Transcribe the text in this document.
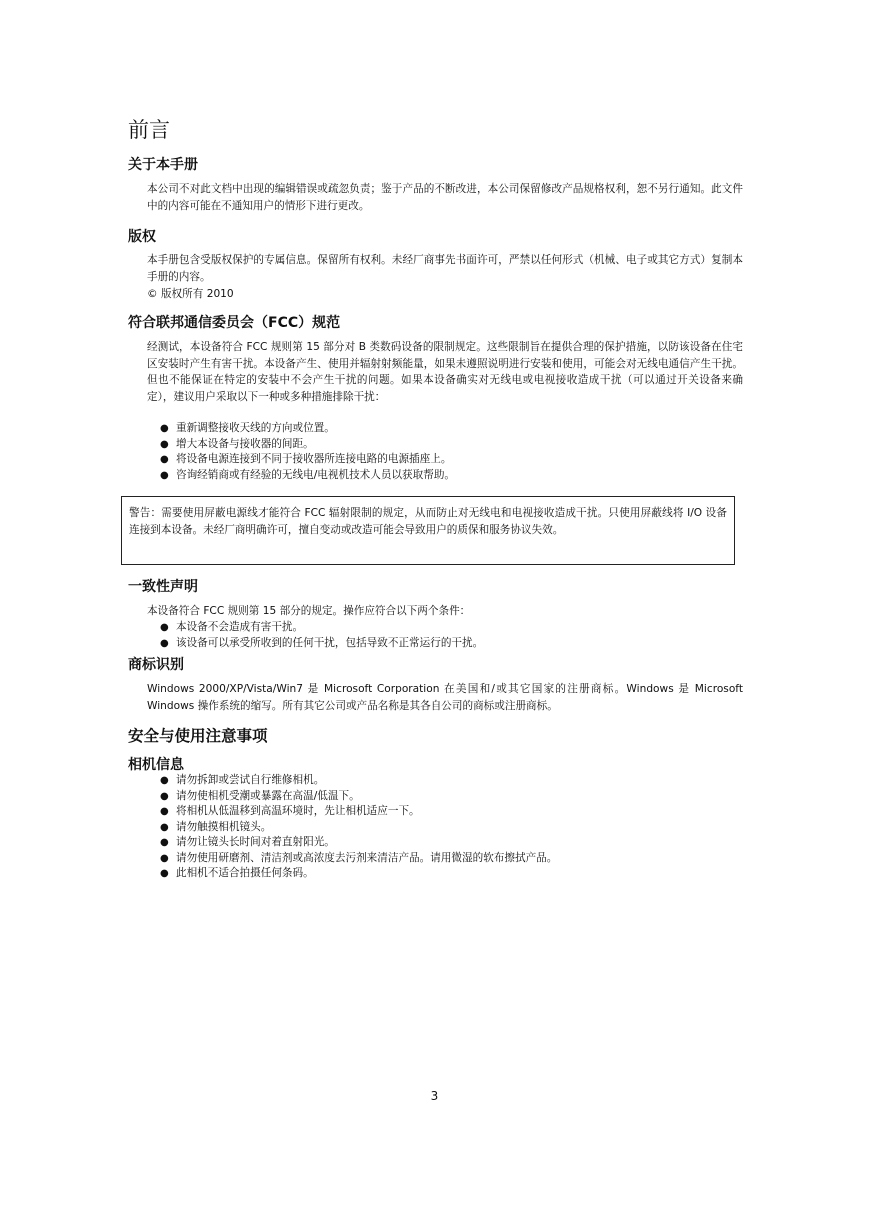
前言
关于本手册

本公司不对此文档中出现的编辑错误或疏忽负责；鉴于产品的不断改进，本公司保留修改产品规格权利，恕不另行通知。此文件中的内容可能在不通知用户的情形下进行更改。

版权

本手册包含受版权保护的专属信息。保留所有权利。未经厂商事先书面许可，严禁以任何形式（机械、电子或其它方式）复制本手册的内容。

© 版权所有 2010

符合联邦通信委员会（FCC）规范

经测试，本设备符合 FCC 规则第 15 部分对 B 类数码设备的限制规定。这些限制旨在提供合理的保护措施，以防该设备在住宅区安装时产生有害干扰。本设备产生、使用并辐射射频能量，如果未遵照说明进行安装和使用，可能会对无线电通信产生干扰。但也不能保证在特定的安装中不会产生干扰的问题。如果本设备确实对无线电或电视接收造成干扰（可以通过开关设备来确定），建议用户采取以下一种或多种措施排除干扰：

● 重新调整接收天线的方向或位置。
● 增大本设备与接收器的间距。
● 将设备电源连接到不同于接收器所连接电路的电源插座上。
● 咨询经销商或有经验的无线电/电视机技术人员以获取帮助。

警告：需要使用屏蔽电源线才能符合 FCC 辐射限制的规定，从而防止对无线电和电视接收造成干扰。只使用屏蔽线将 I/O 设备连接到本设备。未经厂商明确许可，擅自变动或改造可能会导致用户的质保和服务协议失效。

一致性声明

本设备符合 FCC 规则第 15 部分的规定。操作应符合以下两个条件：

● 本设备不会造成有害干扰。
● 该设备可以承受所收到的任何干扰，包括导致不正常运行的干扰。
商标识别

Windows 2000/XP/Vista/Win7 是 Microsoft Corporation 在美国和/或其它国家的注册商标。Windows 是 Microsoft Windows 操作系统的缩写。所有其它公司或产品名称是其各自公司的商标或注册商标。

安全与使用注意事项
相机信息
● 请勿拆卸或尝试自行维修相机。
● 请勿使相机受潮或暴露在高温/低温下。
● 将相机从低温移到高温环境时，先让相机适应一下。
● 请勿触摸相机镜头。
● 请勿让镜头长时间对着直射阳光。
● 请勿使用研磨剂、清洁剂或高浓度去污剂来清洁产品。请用微湿的软布擦拭产品。
● 此相机不适合拍摄任何条码。
3
